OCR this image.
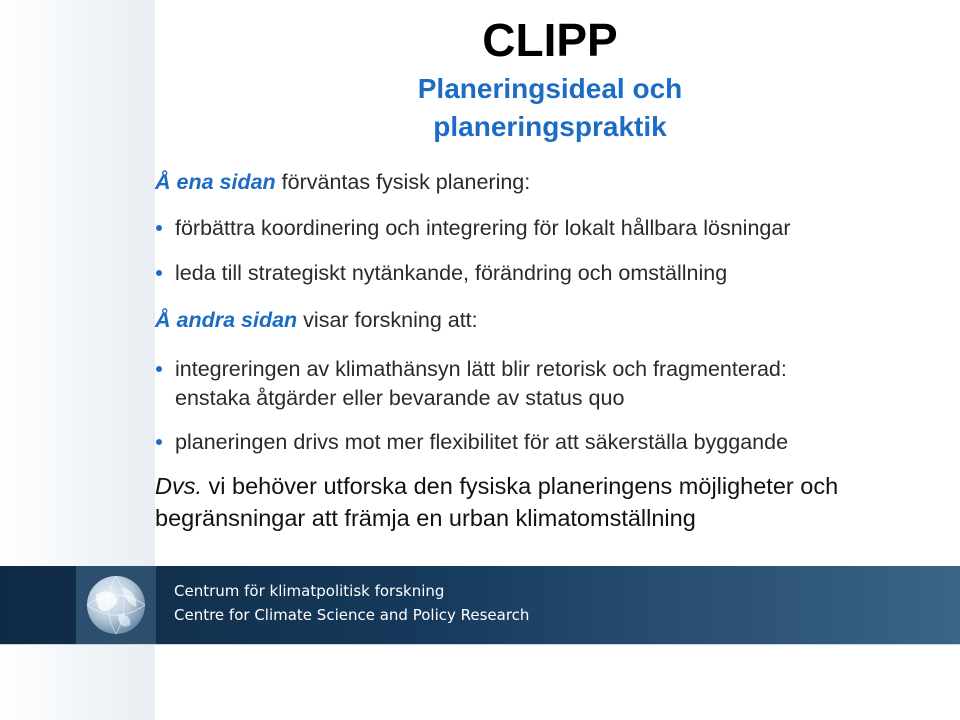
CLIPP
Planeringsideal och
planeringspraktik

Å ena sidan förväntas fysisk planering:

förbättra koordinering och integrering för lokalt hållbara lösningar
leda till strategiskt nytänkande, förändring och omställning

Å andra sidan visar forskning att:

integreringen av klimathänsyn lätt blir retorisk och fragmenterad:
enstaka åtgärder eller bevarande av status quo
planeringen drivs mot mer flexibilitet för att säkerställa byggande

Dvs. vi behöver utforska den fysiska planeringens möjligheter och
begränsningar att främja en urban klimatomställning

Centrum för klimatpolitisk forskning
Centre for Climate Science and Policy Research
